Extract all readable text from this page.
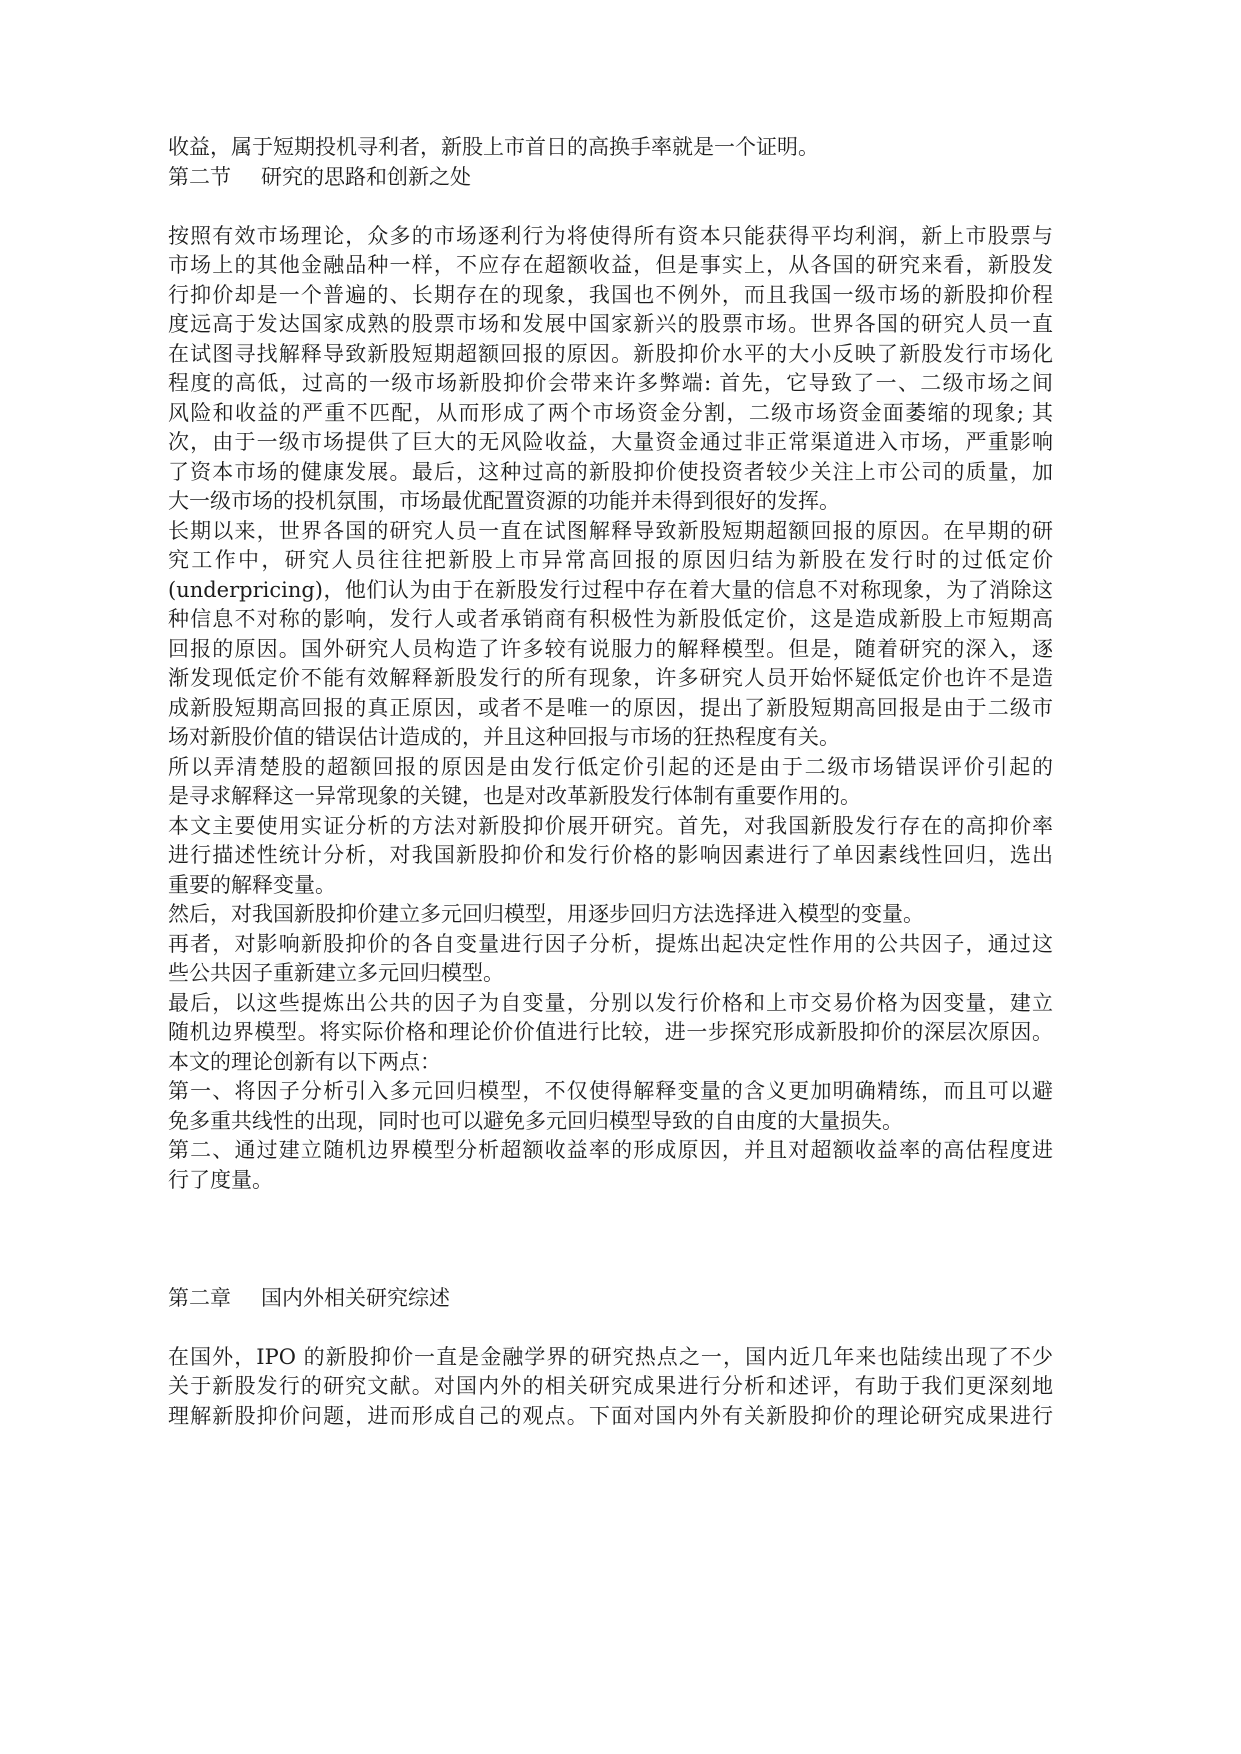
收益，属于短期投机寻利者，新股上市首日的高换手率就是一个证明。
第二节 研究的思路和创新之处
按照有效市场理论，众多的市场逐利行为将使得所有资本只能获得平均利润，新上市股票与
市场上的其他金融品种一样，不应存在超额收益，但是事实上，从各国的研究来看，新股发
行抑价却是一个普遍的、长期存在的现象，我国也不例外，而且我国一级市场的新股抑价程
度远高于发达国家成熟的股票市场和发展中国家新兴的股票市场。世界各国的研究人员一直
在试图寻找解释导致新股短期超额回报的原因。新股抑价水平的大小反映了新股发行市场化
程度的高低，过高的一级市场新股抑价会带来许多弊端: 首先，它导致了一、二级市场之间
风险和收益的严重不匹配，从而形成了两个市场资金分割，二级市场资金面萎缩的现象; 其
次，由于一级市场提供了巨大的无风险收益，大量资金通过非正常渠道进入市场，严重影响
了资本市场的健康发展。最后，这种过高的新股抑价使投资者较少关注上市公司的质量，加
大一级市场的投机氛围，市场最优配置资源的功能并未得到很好的发挥。
长期以来，世界各国的研究人员一直在试图解释导致新股短期超额回报的原因。在早期的研
究工作中，研究人员往往把新股上市异常高回报的原因归结为新股在发行时的过低定价
(underpricing)，他们认为由于在新股发行过程中存在着大量的信息不对称现象，为了消除这
种信息不对称的影响，发行人或者承销商有积极性为新股低定价，这是造成新股上市短期高
回报的原因。国外研究人员构造了许多较有说服力的解释模型。但是，随着研究的深入，逐
渐发现低定价不能有效解释新股发行的所有现象，许多研究人员开始怀疑低定价也许不是造
成新股短期高回报的真正原因，或者不是唯一的原因，提出了新股短期高回报是由于二级市
场对新股价值的错误估计造成的，并且这种回报与市场的狂热程度有关。
所以弄清楚股的超额回报的原因是由发行低定价引起的还是由于二级市场错误评价引起的
是寻求解释这一异常现象的关键，也是对改革新股发行体制有重要作用的。
本文主要使用实证分析的方法对新股抑价展开研究。首先，对我国新股发行存在的高抑价率
进行描述性统计分析，对我国新股抑价和发行价格的影响因素进行了单因素线性回归，选出
重要的解释变量。
然后，对我国新股抑价建立多元回归模型，用逐步回归方法选择进入模型的变量。
再者，对影响新股抑价的各自变量进行因子分析，提炼出起决定性作用的公共因子，通过这
些公共因子重新建立多元回归模型。
最后，以这些提炼出公共的因子为自变量，分别以发行价格和上市交易价格为因变量，建立
随机边界模型。将实际价格和理论价价值进行比较，进一步探究形成新股抑价的深层次原因。
本文的理论创新有以下两点：
第一、将因子分析引入多元回归模型，不仅使得解释变量的含义更加明确精练，而且可以避
免多重共线性的出现，同时也可以避免多元回归模型导致的自由度的大量损失。
第二、通过建立随机边界模型分析超额收益率的形成原因，并且对超额收益率的高估程度进
行了度量。
第二章 国内外相关研究综述
在国外，IPO 的新股抑价一直是金融学界的研究热点之一，国内近几年来也陆续出现了不少
关于新股发行的研究文献。对国内外的相关研究成果进行分析和述评，有助于我们更深刻地
理解新股抑价问题，进而形成自己的观点。下面对国内外有关新股抑价的理论研究成果进行
